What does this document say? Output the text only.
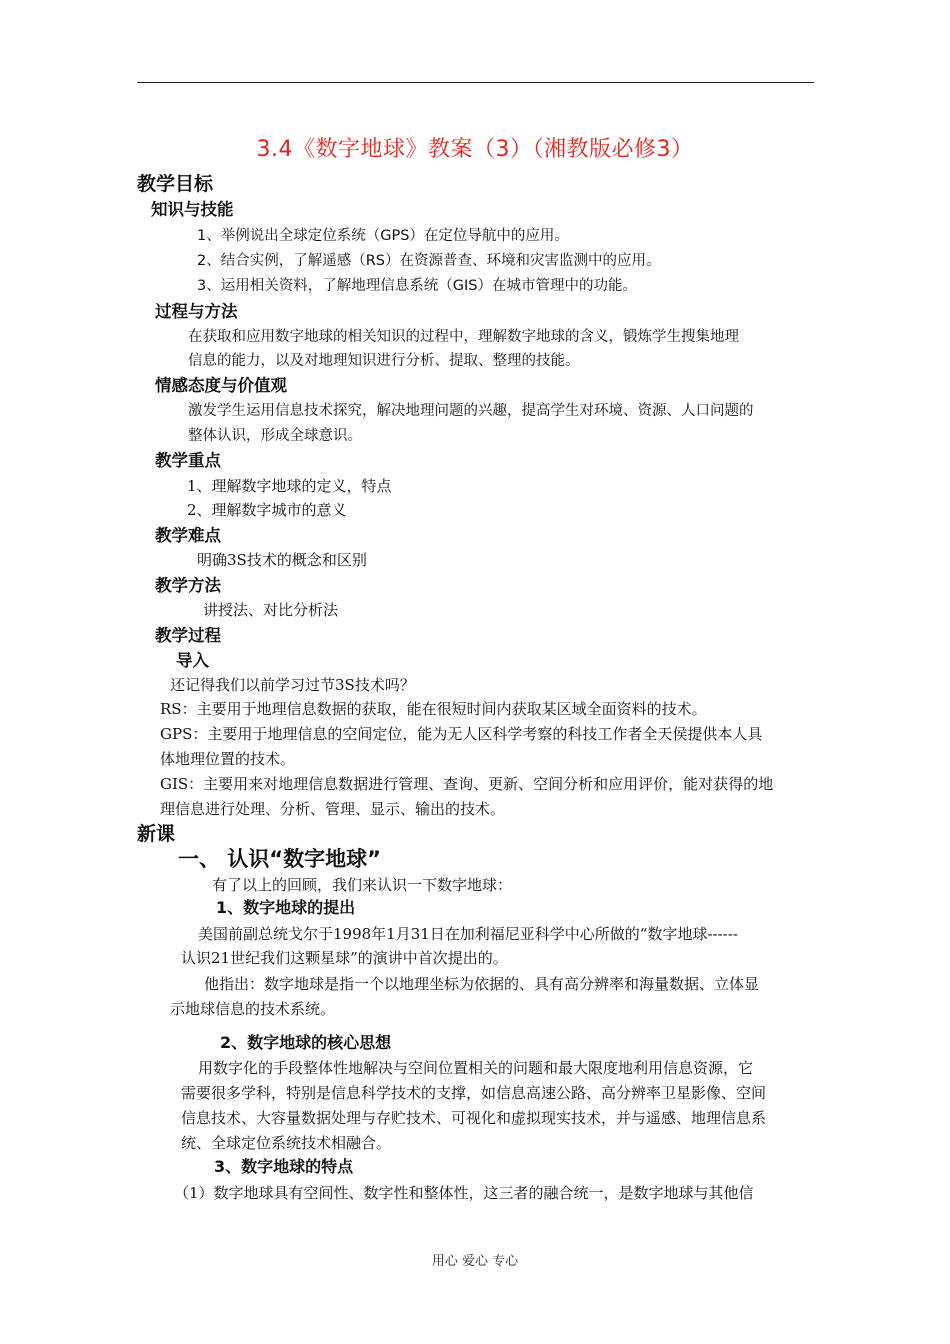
3.4《数字地球》教案（3）（湘教版必修3）
教学目标
知识与技能
1、举例说出全球定位系统（GPS）在定位导航中的应用。
2、结合实例，了解遥感（RS）在资源普查、环境和灾害监测中的应用。
3、运用相关资料，了解地理信息系统（GIS）在城市管理中的功能。
过程与方法
在获取和应用数字地球的相关知识的过程中，理解数字地球的含义，锻炼学生搜集地理
信息的能力，以及对地理知识进行分析、提取、整理的技能。
情感态度与价值观
激发学生运用信息技术探究，解决地理问题的兴趣，提高学生对环境、资源、人口问题的
整体认识，形成全球意识。
教学重点
1、理解数字地球的定义，特点
2、理解数字城市的意义
教学难点
明确3S技术的概念和区别
教学方法
讲授法、对比分析法
教学过程
导入
还记得我们以前学习过节3S技术吗？
RS：主要用于地理信息数据的获取，能在很短时间内获取某区域全面资料的技术。
GPS：主要用于地理信息的空间定位，能为无人区科学考察的科技工作者全天侯提供本人具
体地理位置的技术。
GIS：主要用来对地理信息数据进行管理、查询、更新、空间分析和应用评价，能对获得的地
理信息进行处理、分析、管理、显示、输出的技术。
新课
一、 认识“数字地球”
有了以上的回顾，我们来认识一下数字地球：
1、数字地球的提出
美国前副总统戈尔于1998年1月31日在加利福尼亚科学中心所做的“数字地球------
认识21世纪我们这颗星球”的演讲中首次提出的。
他指出：数字地球是指一个以地理坐标为依据的、具有高分辨率和海量数据、立体显
示地球信息的技术系统。
2、数字地球的核心思想
用数字化的手段整体性地解决与空间位置相关的问题和最大限度地利用信息资源，它
需要很多学科，特别是信息科学技术的支撑，如信息高速公路、高分辨率卫星影像、空间
信息技术、大容量数据处理与存贮技术、可视化和虚拟现实技术，并与遥感、地理信息系
统、全球定位系统技术相融合。
3、数字地球的特点
（1）数字地球具有空间性、数字性和整体性，这三者的融合统一，是数字地球与其他信
用心 爱心 专心
